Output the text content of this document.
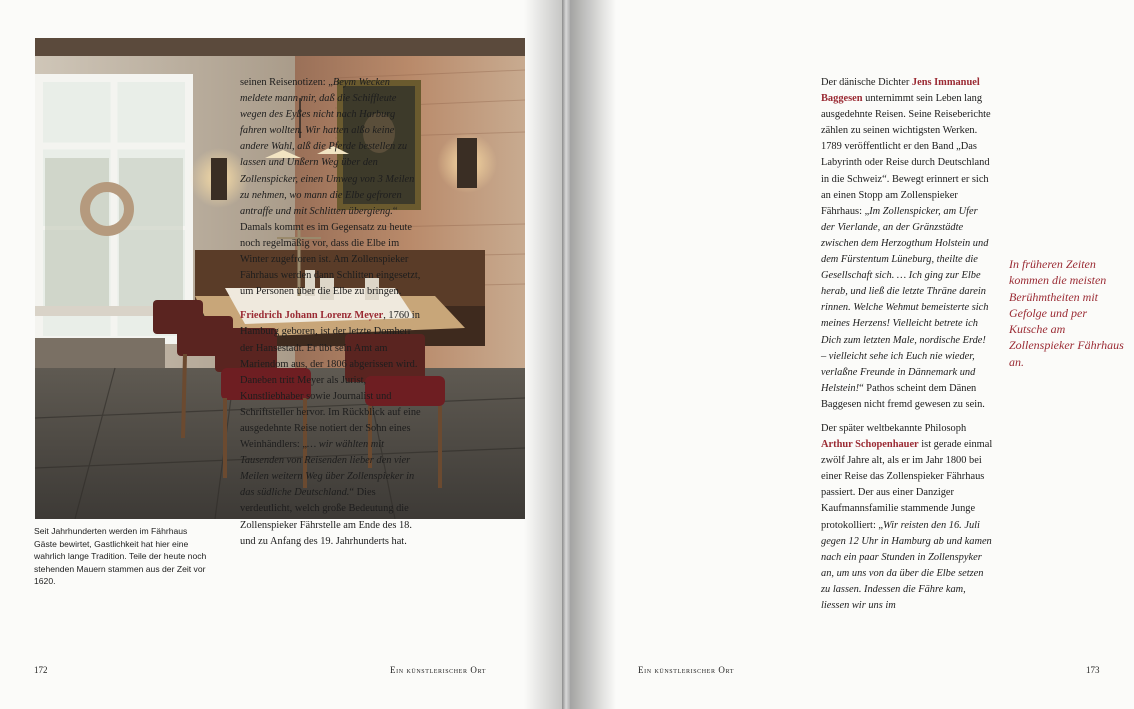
Seit Jahrhunderten werden im Fährhaus Gäste bewirtet, Gastlichkeit hat hier eine wahrlich lange Tradition. Teile der heute noch stehenden Mauern stammen aus der Zeit vor 1620.

seinen Reisenotizen: „Beym Wecken meldete mann mir, daß die Schiffleute wegen des Eyßes nicht nach Harburg fahren wollten. Wir hatten alßo keine andere Wahl, alß die Pferde bestellen zu lassen und Unßern Weg über den Zollenspicker, einen Umweg von 3 Meilen zu nehmen, wo mann die Elbe gefroren antraffe und mit Schlitten übergieng.“ Damals kommt es im Gegensatz zu heute noch regelmäßig vor, dass die Elbe im Winter zugefroren ist. Am Zollenspieker Fährhaus werden dann Schlitten eingesetzt, um Personen über die Elbe zu bringen.

Friedrich Johann Lorenz Meyer, 1760 in Hamburg geboren, ist der letzte Domherr der Hansestadt. Er übt sein Amt am Mariendom aus, der 1806 abgerissen wird. Daneben tritt Meyer als Jurist, Kunstliebhaber sowie Journalist und Schriftsteller hervor. Im Rückblick auf eine ausgedehnte Reise notiert der Sohn eines Weinhändlers: „… wir wählten mit Tausenden von Reisenden lieber den vier Meilen weitern Weg über Zollenspieker in das südliche Deutschland.“ Dies verdeutlicht, welch große Bedeutung die Zollenspieker Fährstelle am Ende des 18. und zu Anfang des 19. Jahrhunderts hat.

172	Ein künstlerischer Ort

Der dänische Dichter Jens Immanuel Baggesen unternimmt sein Leben lang ausgedehnte Reisen. Seine Reiseberichte zählen zu seinen wichtigsten Werken. 1789 veröffentlicht er den Band „Das Labyrinth oder Reise durch Deutschland in die Schweiz“. Bewegt erinnert er sich an einen Stopp am Zollenspieker Fährhaus: „Im Zollenspicker, am Ufer der Vierlande, an der Gränzstädte zwischen dem Herzogthum Holstein und dem Fürstentum Lüneburg, theilte die Gesellschaft sich. … Ich ging zur Elbe herab, und ließ die letzte Thräne darein rinnen. Welche Wehmut bemeisterte sich meines Herzens! Vielleicht betrete ich Dich zum letzten Male, nordische Erde! – vielleicht sehe ich Euch nie wieder, verlaßne Freunde in Dännemark und Helstein!“ Pathos scheint dem Dänen Baggesen nicht fremd gewesen zu sein.

Der später weltbekannte Philosoph Arthur Schopenhauer ist gerade einmal zwölf Jahre alt, als er im Jahr 1800 bei einer Reise das Zollenspieker Fährhaus passiert. Der aus einer Danziger Kaufmannsfamilie stammende Junge protokolliert: „Wir reisten den 16. Juli gegen 12 Uhr in Hamburg ab und kamen nach ein paar Stunden in Zollenspyker an, um uns von da über die Elbe setzen zu lassen. Indessen die Fähre kam, liessen wir uns im

173
Ein künstlerischer Ort

In früheren Zeiten kommen die meisten Berühmtheiten mit Gefolge und per Kutsche am Zollenspieker Fährhaus an.
